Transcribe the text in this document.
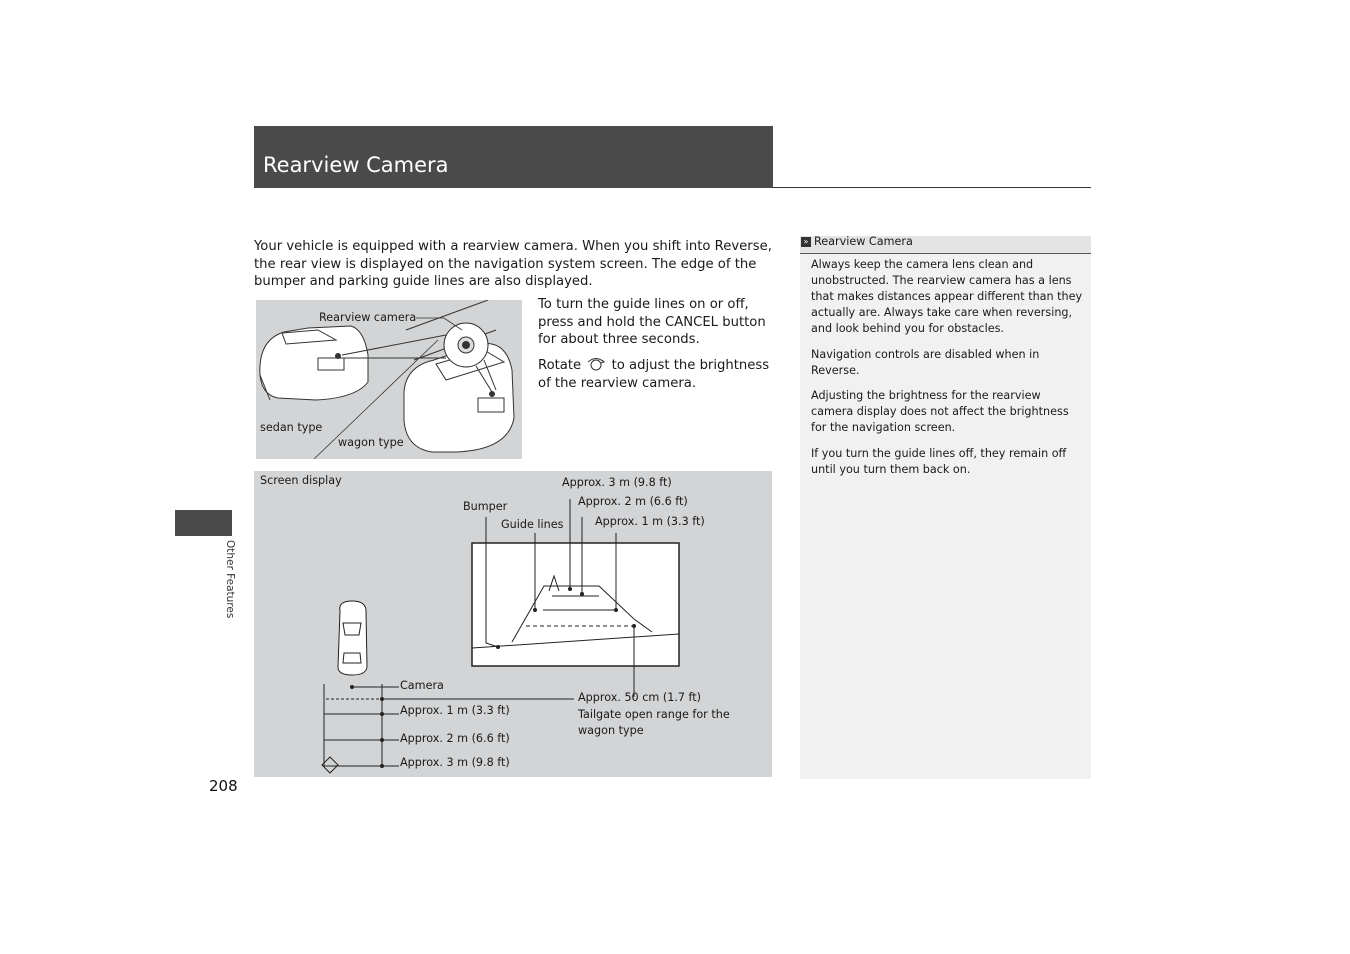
Rearview Camera
Your vehicle is equipped with a rearview camera. When you shift into Reverse, the rear view is displayed on the navigation system screen. The edge of the bumper and parking guide lines are also displayed.
Rearview camera
sedan type
wagon type
To turn the guide lines on or off, press and hold the CANCEL button for about three seconds.
Rotate to adjust the brightness of the rearview camera.
Screen display
Bumper
Guide lines
Approx. 3 m (9.8 ft)
Approx. 2 m (6.6 ft)
Approx. 1 m (3.3 ft)
Camera
Approx. 1 m (3.3 ft)
Approx. 2 m (6.6 ft)
Approx. 3 m (9.8 ft)
Approx. 50 cm (1.7 ft)
Tailgate open range for the wagon type
Other Features
208
» Rearview Camera
Always keep the camera lens clean and unobstructed. The rearview camera has a lens that makes distances appear different than they actually are. Always take care when reversing, and look behind you for obstacles.
Navigation controls are disabled when in Reverse.
Adjusting the brightness for the rearview camera display does not affect the brightness for the navigation screen.
If you turn the guide lines off, they remain off until you turn them back on.
